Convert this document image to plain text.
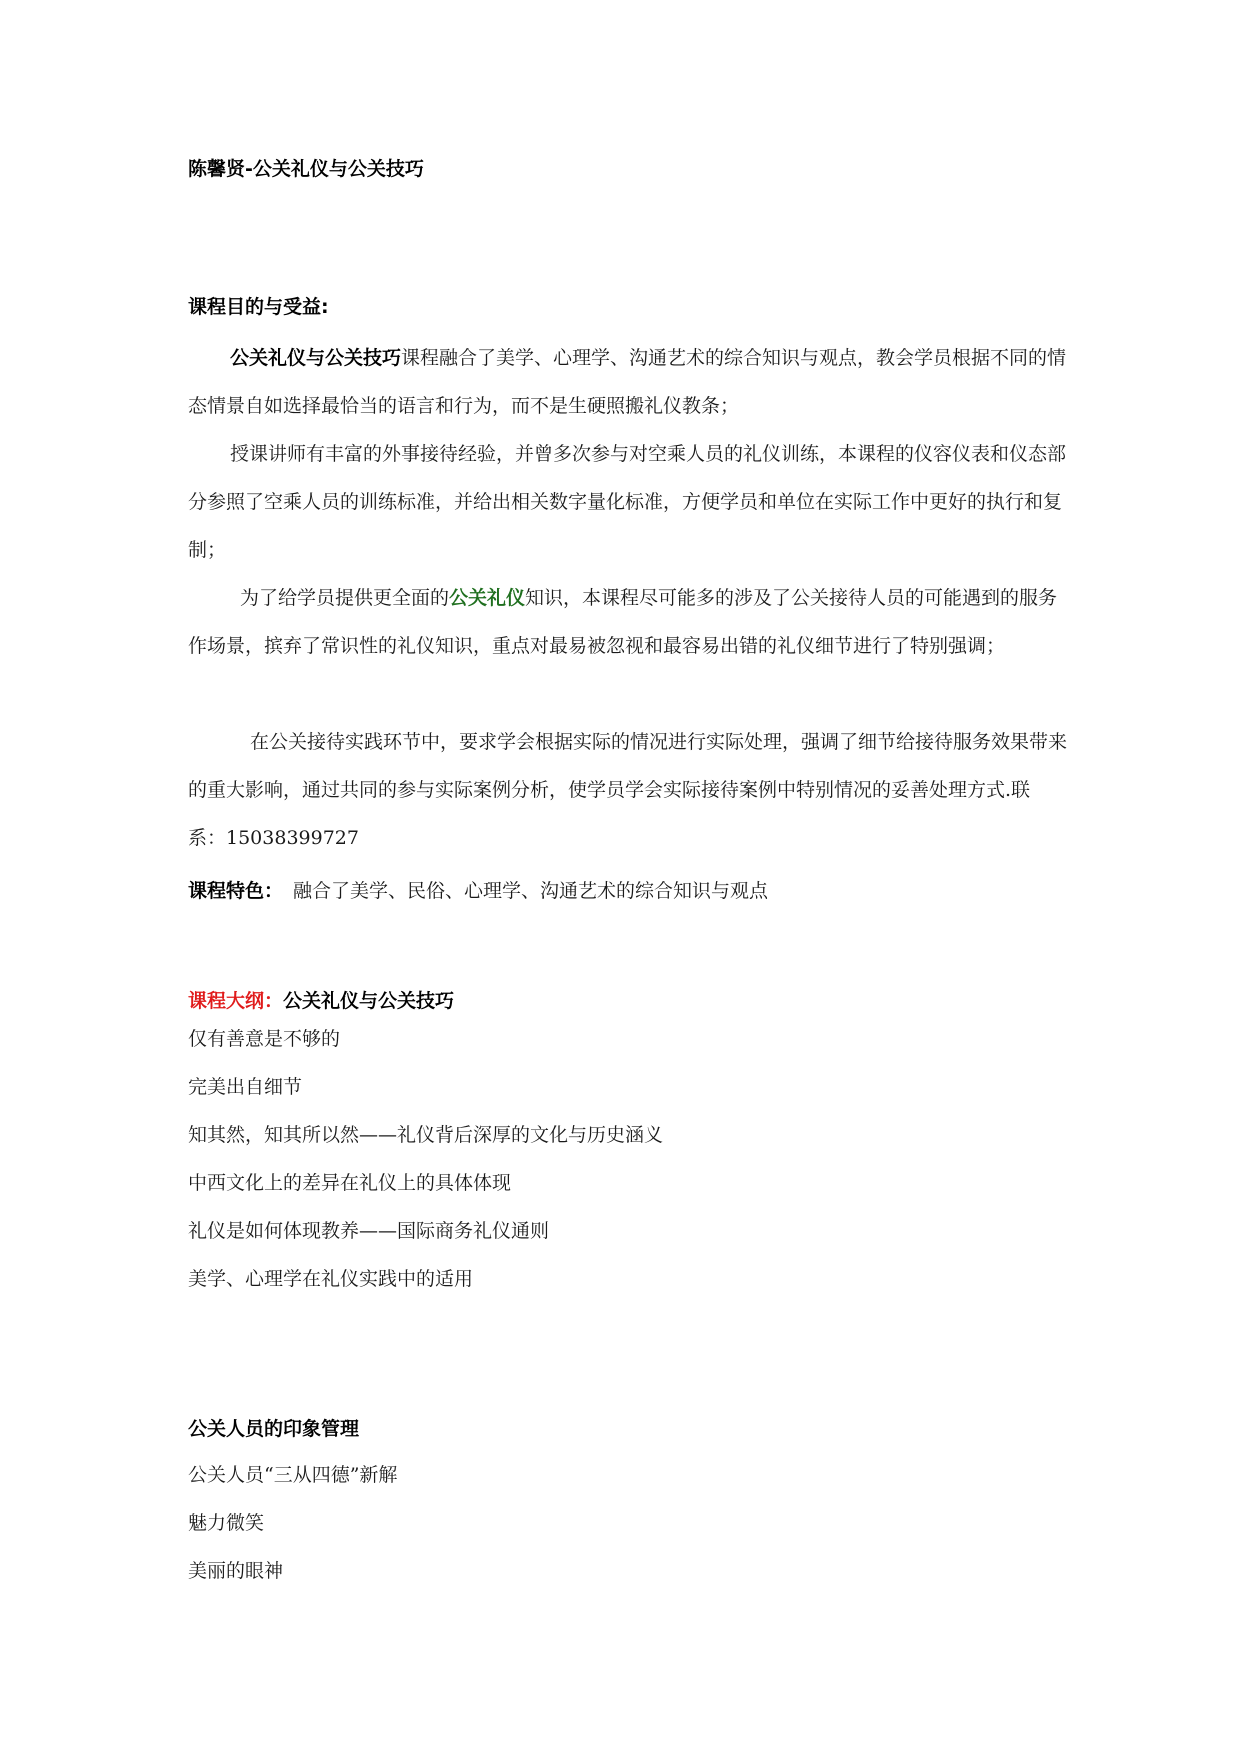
陈馨贤-公关礼仪与公关技巧
课程目的与受益:
公关礼仪与公关技巧课程融合了美学、心理学、沟通艺术的综合知识与观点，教会学员根据不同的情态情景自如选择最恰当的语言和行为，而不是生硬照搬礼仪教条；
授课讲师有丰富的外事接待经验，并曾多次参与对空乘人员的礼仪训练，本课程的仪容仪表和仪态部分参照了空乘人员的训练标准，并给出相关数字量化标准，方便学员和单位在实际工作中更好的执行和复制；
为了给学员提供更全面的公关礼仪知识，本课程尽可能多的涉及了公关接待人员的可能遇到的服务作场景，摈弃了常识性的礼仪知识，重点对最易被忽视和最容易出错的礼仪细节进行了特别强调；
在公关接待实践环节中，要求学会根据实际的情况进行实际处理，强调了细节给接待服务效果带来的重大影响，通过共同的参与实际案例分析，使学员学会实际接待案例中特别情况的妥善处理方式.联系：15038399727
课程特色： 融合了美学、民俗、心理学、沟通艺术的综合知识与观点
课程大纲：公关礼仪与公关技巧
仅有善意是不够的
完美出自细节
知其然，知其所以然——礼仪背后深厚的文化与历史涵义
中西文化上的差异在礼仪上的具体体现
礼仪是如何体现教养——国际商务礼仪通则
美学、心理学在礼仪实践中的适用
公关人员的印象管理
公关人员“三从四德”新解
魅力微笑
美丽的眼神
